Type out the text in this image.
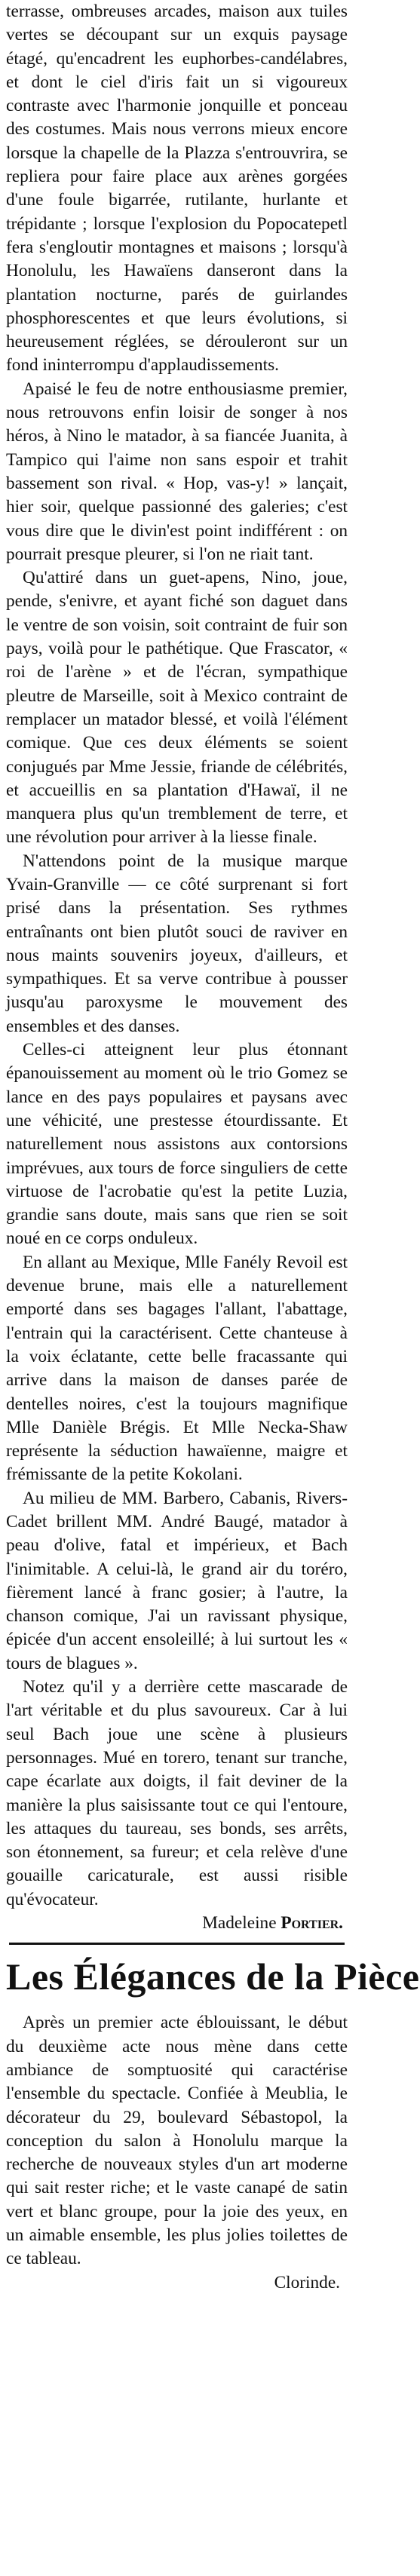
terrasse, ombreuses arcades, maison aux tuiles vertes se découpant sur un exquis paysage étagé, qu'encadrent les euphorbes-candélabres, et dont le ciel d'iris fait un si vigoureux contraste avec l'harmonie jonquille et ponceau des costumes. Mais nous verrons mieux encore lorsque la chapelle de la Plazza s'entrouvrira, se repliera pour faire place aux arènes gorgées d'une foule bigarrée, rutilante, hurlante et trépidante ; lorsque l'explosion du Popocatepetl fera s'engloutir montagnes et maisons ; lorsqu'à Honolulu, les Hawaïens danseront dans la plantation nocturne, parés de guirlandes phosphorescentes et que leurs évolutions, si heureusement réglées, se dérouleront sur un fond ininterrompu d'applaudissements.

Apaisé le feu de notre enthousiasme premier, nous retrouvons enfin loisir de songer à nos héros, à Nino le matador, à sa fiancée Juanita, à Tampico qui l'aime non sans espoir et trahit bassement son rival. « Hop, vas-y! » lançait, hier soir, quelque passionné des galeries; c'est vous dire que le divin'est point indifférent : on pourrait presque pleurer, si l'on ne riait tant.

Qu'attiré dans un guet-apens, Nino, joue, pende, s'enivre, et ayant fiché son daguet dans le ventre de son voisin, soit contraint de fuir son pays, voilà pour le pathétique. Que Frascator, « roi de l'arène » et de l'écran, sympathique pleutre de Marseille, soit à Mexico contraint de remplacer un matador blessé, et voilà l'élément comique. Que ces deux éléments se soient conjugués par Mme Jessie, friande de célébrités, et accueillis en sa plantation d'Hawaï, il ne manquera plus qu'un tremblement de terre, et une révolution pour arriver à la liesse finale.

N'attendons point de la musique marque Yvain-Granville — ce côté surprenant si fort prisé dans la présentation. Ses rythmes entraînants ont bien plutôt souci de raviver en nous maints souvenirs joyeux, d'ailleurs, et sympathiques. Et sa verve contribue à pousser jusqu'au paroxysme le mouvement des ensembles et des danses.

Celles-ci atteignent leur plus étonnant épanouissement au moment où le trio Gomez se lance en des pays populaires et paysans avec une véhicité, une prestesse étourdissante. Et naturellement nous assistons aux contorsions imprévues, aux tours de force singuliers de cette virtuose de l'acrobatie qu'est la petite Luzia, grandie sans doute, mais sans que rien se soit noué en ce corps onduleux.

En allant au Mexique, Mlle Fanély Revoil est devenue brune, mais elle a naturellement emporté dans ses bagages l'allant, l'abattage, l'entrain qui la caractérisent. Cette chanteuse à la voix éclatante, cette belle fracassante qui arrive dans la maison de danses parée de dentelles noires, c'est la toujours magnifique Mlle Danièle Brégis. Et Mlle Necka-Shaw représente la séduction hawaïenne, maigre et frémissante de la petite Kokolani.

Au milieu de MM. Barbero, Cabanis, Rivers-Cadet brillent MM. André Baugé, matador à peau d'olive, fatal et impérieux, et Bach l'inimitable. A celui-là, le grand air du toréro, fièrement lancé à franc gosier; à l'autre, la chanson comique, J'ai un ravissant physique, épicée d'un accent ensoleillé; à lui surtout les « tours de blagues ».

Notez qu'il y a derrière cette mascarade de l'art véritable et du plus savoureux. Car à lui seul Bach joue une scène à plusieurs personnages. Mué en torero, tenant sur tranche, cape écarlate aux doigts, il fait deviner de la manière la plus saisissante tout ce qui l'entoure, les attaques du taureau, ses bonds, ses arrêts, son étonnement, sa fureur; et cela relève d'une gouaille caricaturale, est aussi risible qu'évocateur.

Madeleine Portier.

Les Élégances de la Pièce

Après un premier acte éblouissant, le début du deuxième acte nous mène dans cette ambiance de somptuosité qui caractérise l'ensemble du spectacle. Confiée à Meublia, le décorateur du 29, boulevard Sébastopol, la conception du salon à Honolulu marque la recherche de nouveaux styles d'un art moderne qui sait rester riche; et le vaste canapé de satin vert et blanc groupe, pour la joie des yeux, en un aimable ensemble, les plus jolies toilettes de ce tableau.

Clorinde.
